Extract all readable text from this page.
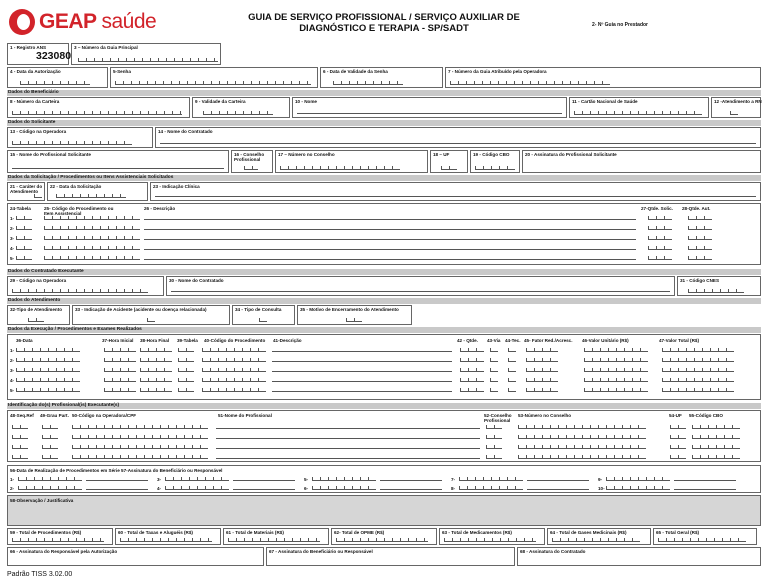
GEAP saúde	GUIA DE SERVIÇO PROFISSIONAL / SERVIÇO AUXILIAR DE
DIAGNÓSTICO E TERAPIA - SP/SADT	2- Nº Guia no Prestador
1 - Registro ANS
323080
3 – Número da Guia Principal
4 - Data da Autorização	5-Senha	6 - Data de Validade da Senha	7 - Número da Guia Atribuído pela Operadora
Dados do Beneficiário
8 - Número da Carteira	9 - Validade da Carteira	10 - Nome	11 - Cartão Nacional de Saúde	12 -Atendimento a RN
Dados do Solicitante
13 - Código na Operadora	14 - Nome do Contratado
15 - Nome do Profissional Solicitante	16 - Conselho Profissional
17 – Número no Conselho	18 – UF	19 - Código CBO	20 - Assinatura do Profissional Solicitante
Dados da Solicitação / Procedimentos ou Itens Assistenciais Solicitados
21 - Caráter do Atendimento
22 - Data da Solicitação	23 - Indicação Clínica
24-Tabela	25- Código do Procedimento ou Item Assistencial
26 - Descrição	27-Qtde. Solic. 28-Qtde. Aut.
1-
2-
3-
4-
5-
Dados do Contratado Executante
29 - Código na Operadora	30 - Nome do Contratado	31 - Código CNES
Dados do Atendimento
32-Tipo de Atendimento	33 - Indicação de Acidente (acidente ou doença relacionada)	34 - Tipo de Consulta	35 - Motivo de Encerramento do Atendimento
Dados da Execução / Procedimentos e Exames Realizados
36-Data	37-Hora Inicial 38-Hora Final 39-Tabela 40-Código do Procedimento 41-Descrição	42 - Qtde. 43-Via 44-Tec. 45- Fator Red./Acresc. 46-Valor Unitário (R$)	47-Valor Total (R$)
1-
2-
3-
4-
5-
Identificação do(s) Profissional(is) Executante(s)
48-Seq.Ref 49-Grau Part. 50-Código na Operadora/CPF	51-Nome do Profissional	52-Conselho Profissional
53-Número no Conselho	54-UF 55-Código CBO
56-Data de Realização de Procedimentos em Série 57-Assinatura do Beneficiário ou Responsável
1-
2-
3-
4-
5-
6-
7-
8-
9-
10-
58-Observação / Justificativa
59 - Total de Procedimentos (R$)	60 - Total de Taxas e Aluguéis (R$)	61 - Total de Materiais (R$)	62- Total de OPME (R$)	63 - Total de Medicamentos (R$)	64 - Total de Gases Medicinais (R$)	65 - Total Geral (R$)
66 - Assinatura do Responsável pela Autorização	67 - Assinatura do Beneficiário ou Responsável	68 - Assinatura do Contratado
Padrão TISS 3.02.00
